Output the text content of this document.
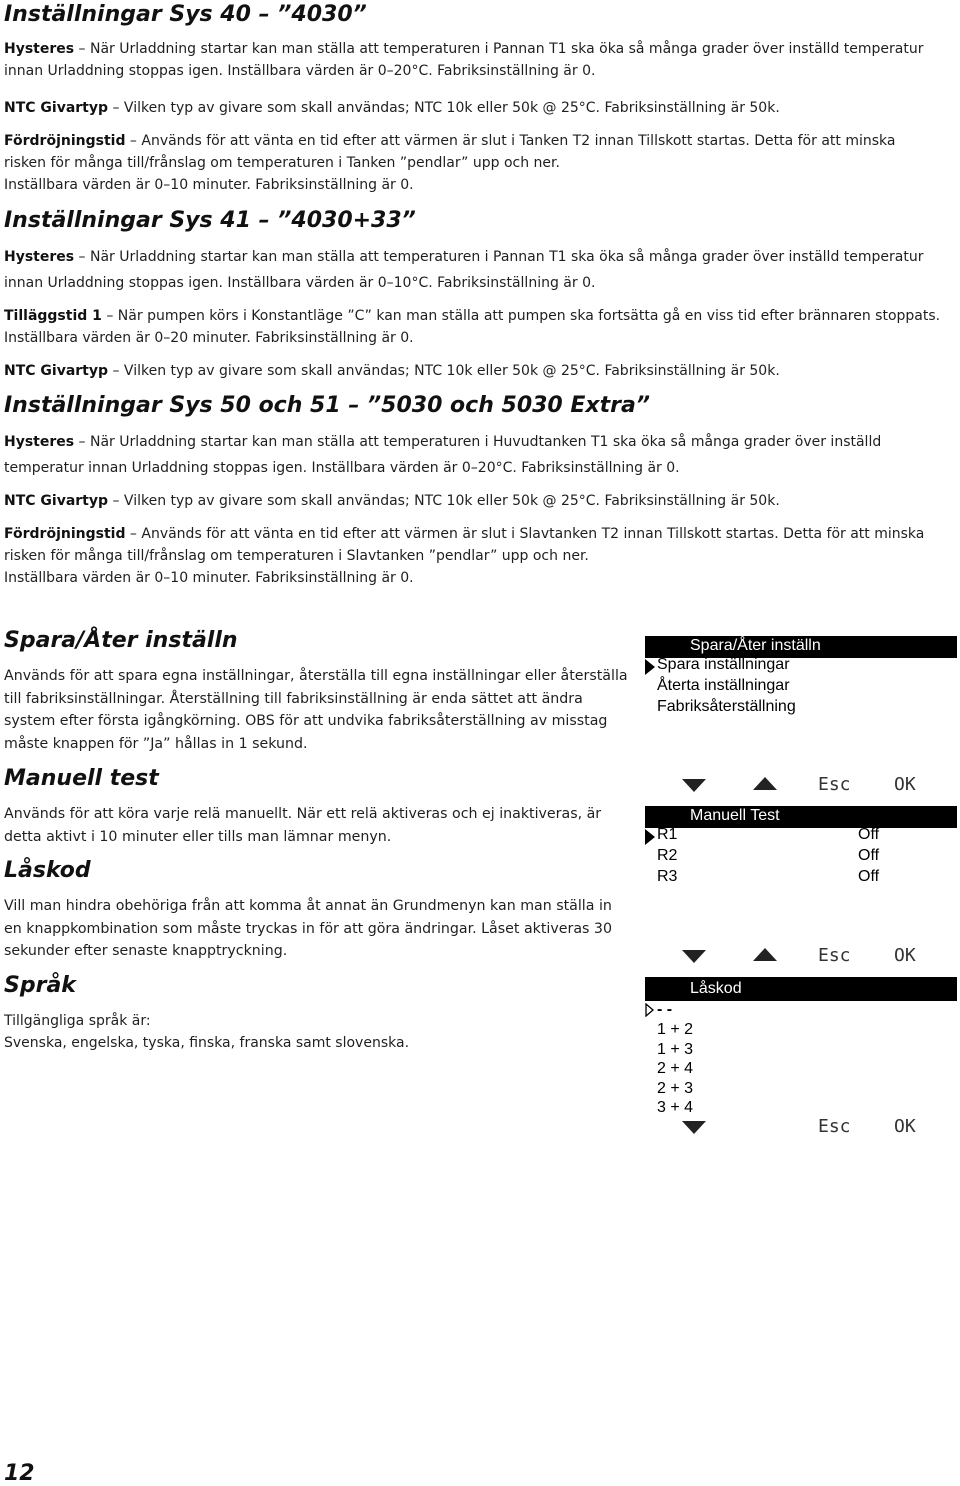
Inställningar Sys 40 – ”4030”
Hysteres – När Urladdning startar kan man ställa att temperaturen i Pannan T1 ska öka så många grader över inställd temperatur innan Urladdning stoppas igen. Inställbara värden är 0–20°C. Fabriksinställning är 0.
NTC Givartyp – Vilken typ av givare som skall användas; NTC 10k eller 50k @ 25°C. Fabriksinställning är 50k.
Fördröjningstid – Används för att vänta en tid efter att värmen är slut i Tanken T2 innan Tillskott startas. Detta för att minska risken för många till/frånslag om temperaturen i Tanken ”pendlar” upp och ner.
Inställbara värden är 0–10 minuter. Fabriksinställning är 0.
Inställningar Sys 41 – ”4030+33”
Hysteres – När Urladdning startar kan man ställa att temperaturen i Pannan T1 ska öka så många grader över inställd temperatur innan Urladdning stoppas igen. Inställbara värden är 0–10°C. Fabriksinställning är 0.
Tilläggstid 1 – När pumpen körs i Konstantläge ”C” kan man ställa att pumpen ska fortsätta gå en viss tid efter brännaren stoppats. Inställbara värden är 0–20 minuter. Fabriksinställning är 0.
NTC Givartyp – Vilken typ av givare som skall användas; NTC 10k eller 50k @ 25°C. Fabriksinställning är 50k.
Inställningar Sys 50 och 51 – ”5030 och 5030 Extra”
Hysteres – När Urladdning startar kan man ställa att temperaturen i Huvudtanken T1 ska öka så många grader över inställd temperatur innan Urladdning stoppas igen. Inställbara värden är 0–20°C. Fabriksinställning är 0.
NTC Givartyp – Vilken typ av givare som skall användas; NTC 10k eller 50k @ 25°C. Fabriksinställning är 50k.
Fördröjningstid – Används för att vänta en tid efter att värmen är slut i Slavtanken T2 innan Tillskott startas. Detta för att minska risken för många till/frånslag om temperaturen i Slavtanken ”pendlar” upp och ner.
Inställbara värden är 0–10 minuter. Fabriksinställning är 0.
Spara/Åter inställn
Används för att spara egna inställningar, återställa till egna inställningar eller återställa till fabriksinställningar. Återställning till fabriksinställning är enda sättet att ändra system efter första igångkörning. OBS för att undvika fabriksåterställning av misstag måste knappen för ”Ja” hållas in 1 sekund.
Manuell test
Används för att köra varje relä manuellt. När ett relä aktiveras och ej inaktiveras, är detta aktivt i 10 minuter eller tills man lämnar menyn.
Låskod
Vill man hindra obehöriga från att komma åt annat än Grundmenyn kan man ställa in en knappkombination som måste tryckas in för att göra ändringar. Låset aktiveras 30 sekunder efter senaste knapptryckning.
Språk
Tillgängliga språk är:
Svenska, engelska, tyska, finska, franska samt slovenska.
Spara/Åter inställn
Spara inställningar
Återta inställningar
Fabriksåterställning
Esc OK
Manuell Test
R1	Off
R2	Off
R3	Off
Esc OK
Låskod
- -
1 + 2
1 + 3
2 + 4
2 + 3
3 + 4
Esc OK
12
